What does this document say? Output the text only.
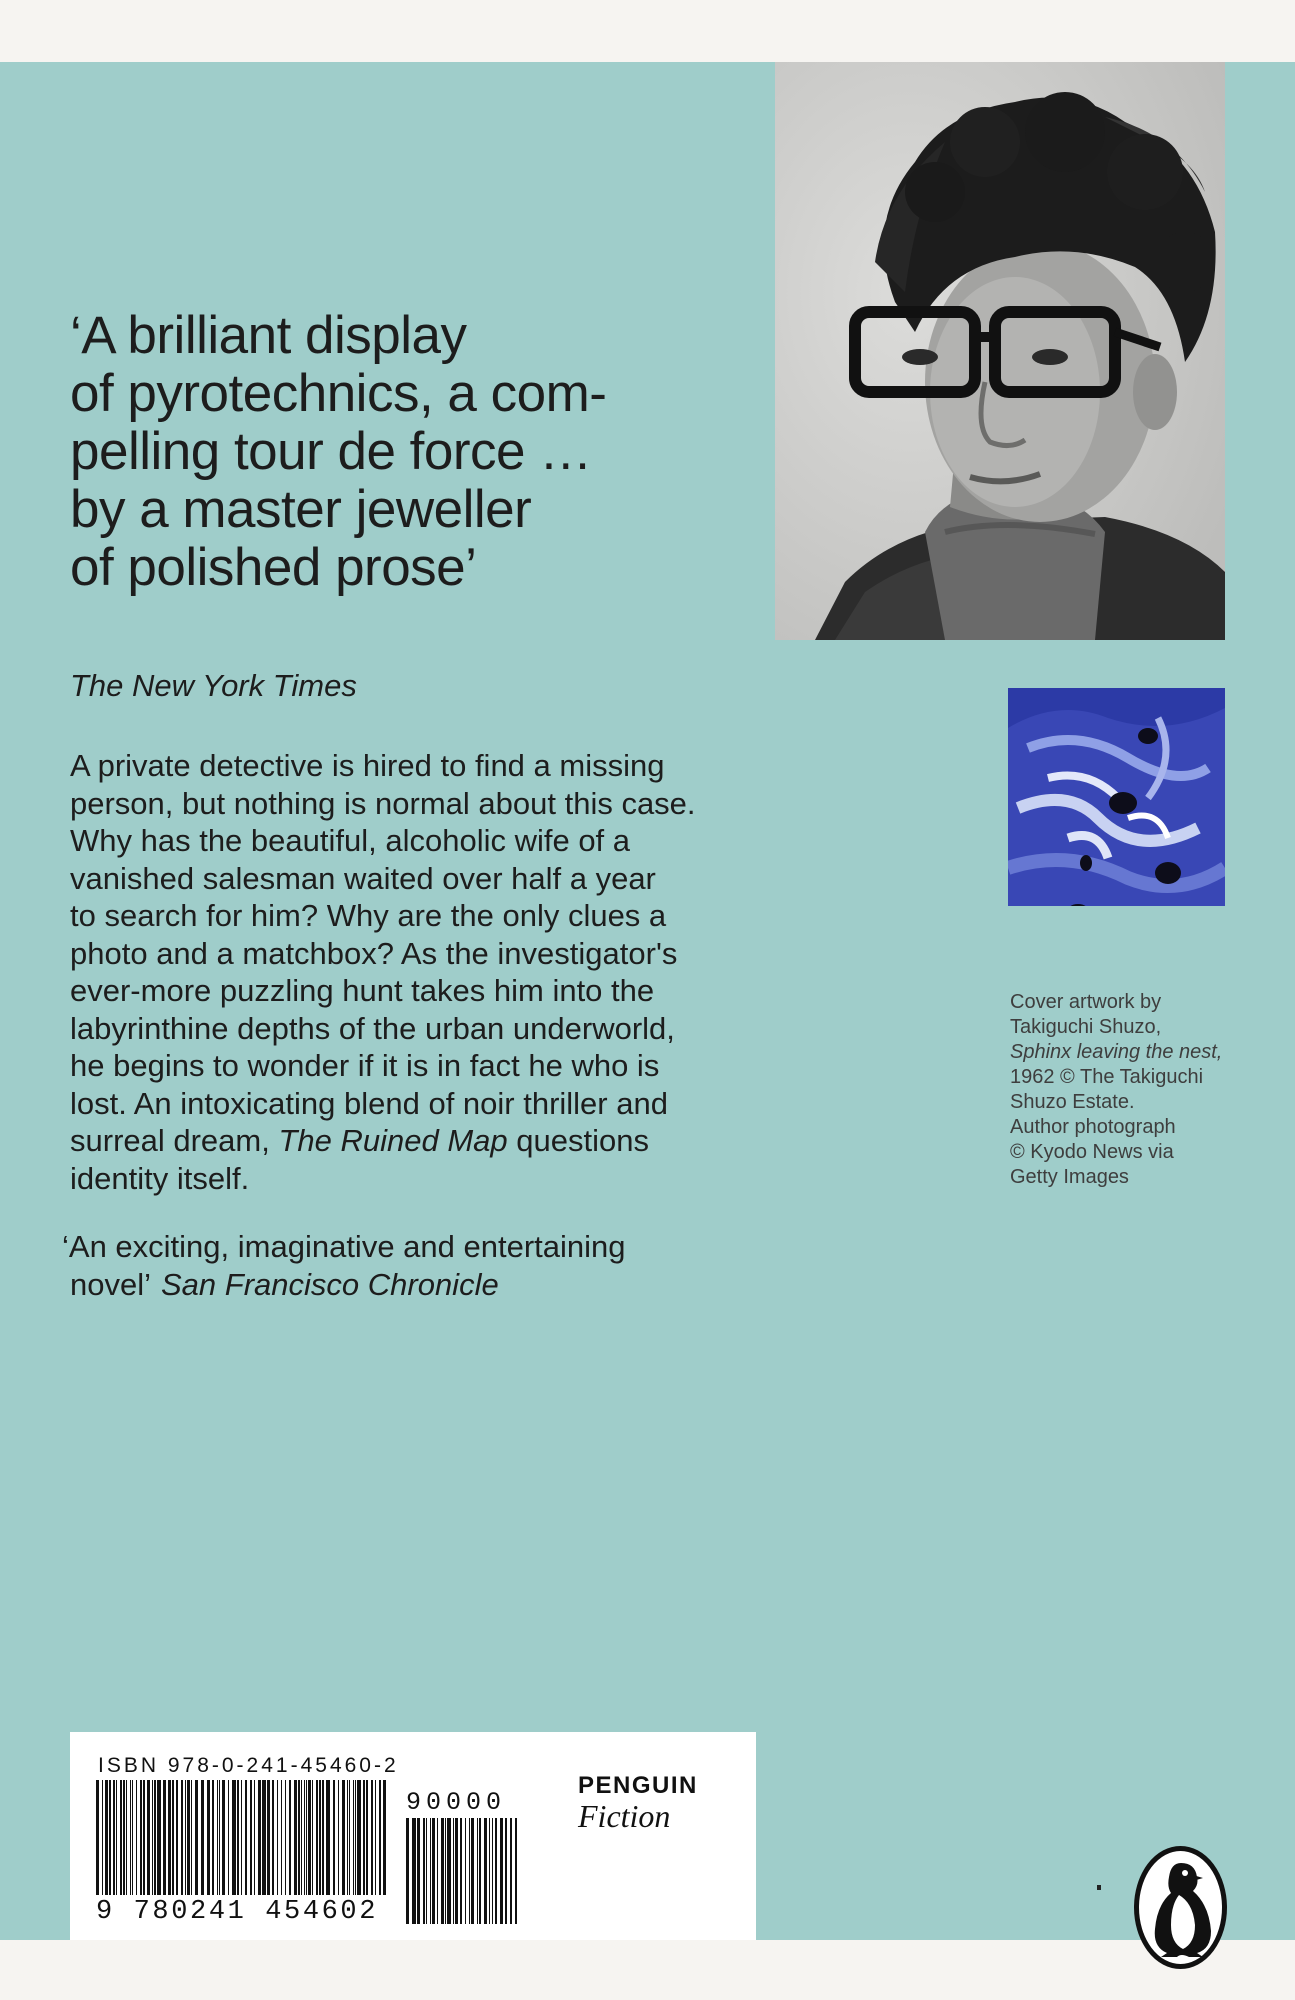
‘A brilliant display
of pyrotechnics, a com-
pelling tour de force …
by a master jeweller
of polished prose’
The New York Times
A private detective is hired to find a missing
person, but nothing is normal about this case.
Why has the beautiful, alcoholic wife of a
vanished salesman waited over half a year
to search for him? Why are the only clues a
photo and a matchbox? As the investigator's
ever-more puzzling hunt takes him into the
labyrinthine depths of the urban underworld,
he begins to wonder if it is in fact he who is
lost. An intoxicating blend of noir thriller and
surreal dream, The Ruined Map questions
identity itself.
‘An exciting, imaginative and entertaining
novel’ San Francisco Chronicle
Cover artwork by
Takiguchi Shuzo,
Sphinx leaving the nest,
1962 © The Takiguchi
Shuzo Estate.
Author photograph
© Kyodo News via
Getty Images
ISBN 978-0-241-45460-2
9 780241 454602
90000
PENGUIN
Fiction
